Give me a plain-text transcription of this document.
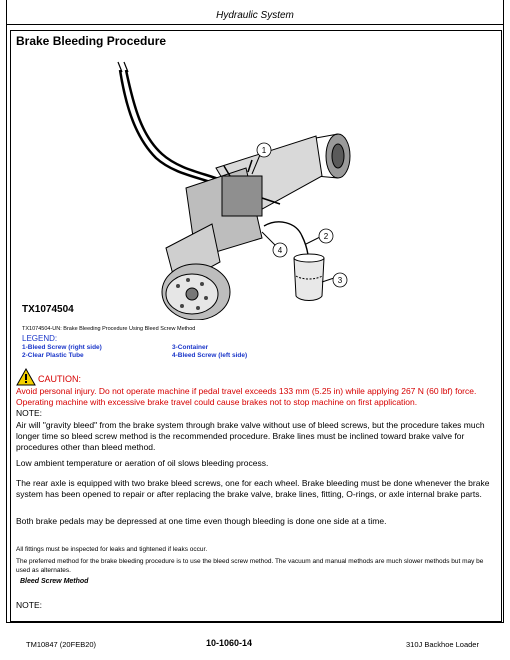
Hydraulic System
Brake Bleeding Procedure
1
2
3
4
TX1074504
TX1074504-UN: Brake Bleeding Procedure Using Bleed Screw Method
LEGEND:
1-Bleed Screw (right side)	3-Container
2-Clear Plastic Tube	4-Bleed Screw (left side)
CAUTION:
Avoid personal injury. Do not operate machine if pedal travel exceeds 133 mm (5.25 in) while applying 267 N (60 lbf) force. Operating machine with excessive brake travel could cause brakes not to stop machine on first application.
NOTE:

Air will "gravity bleed" from the brake system through brake valve without use of bleed screws, but the procedure takes much longer time so bleed screw method is the recommended procedure. Brake lines must be inclined toward brake valve for procedures other than bleed method.

Low ambient temperature or aeration of oil slows bleeding process.

The rear axle is equipped with two brake bleed screws, one for each wheel. Brake bleeding must be done whenever the brake system has been opened to repair or after replacing the brake valve, brake lines, fitting, O-rings, or axle internal brake parts.

Both brake pedals may be depressed at one time even though bleeding is done one side at a time.

All fittings must be inspected for leaks and tightened if leaks occur.

The preferred method for the brake bleeding procedure is to use the bleed screw method. The vacuum and manual methods are much slower methods but may be used as alternates.

Bleed Screw Method
NOTE:
TM10847 (20FEB20)	10-1060-14	310J Backhoe Loader
